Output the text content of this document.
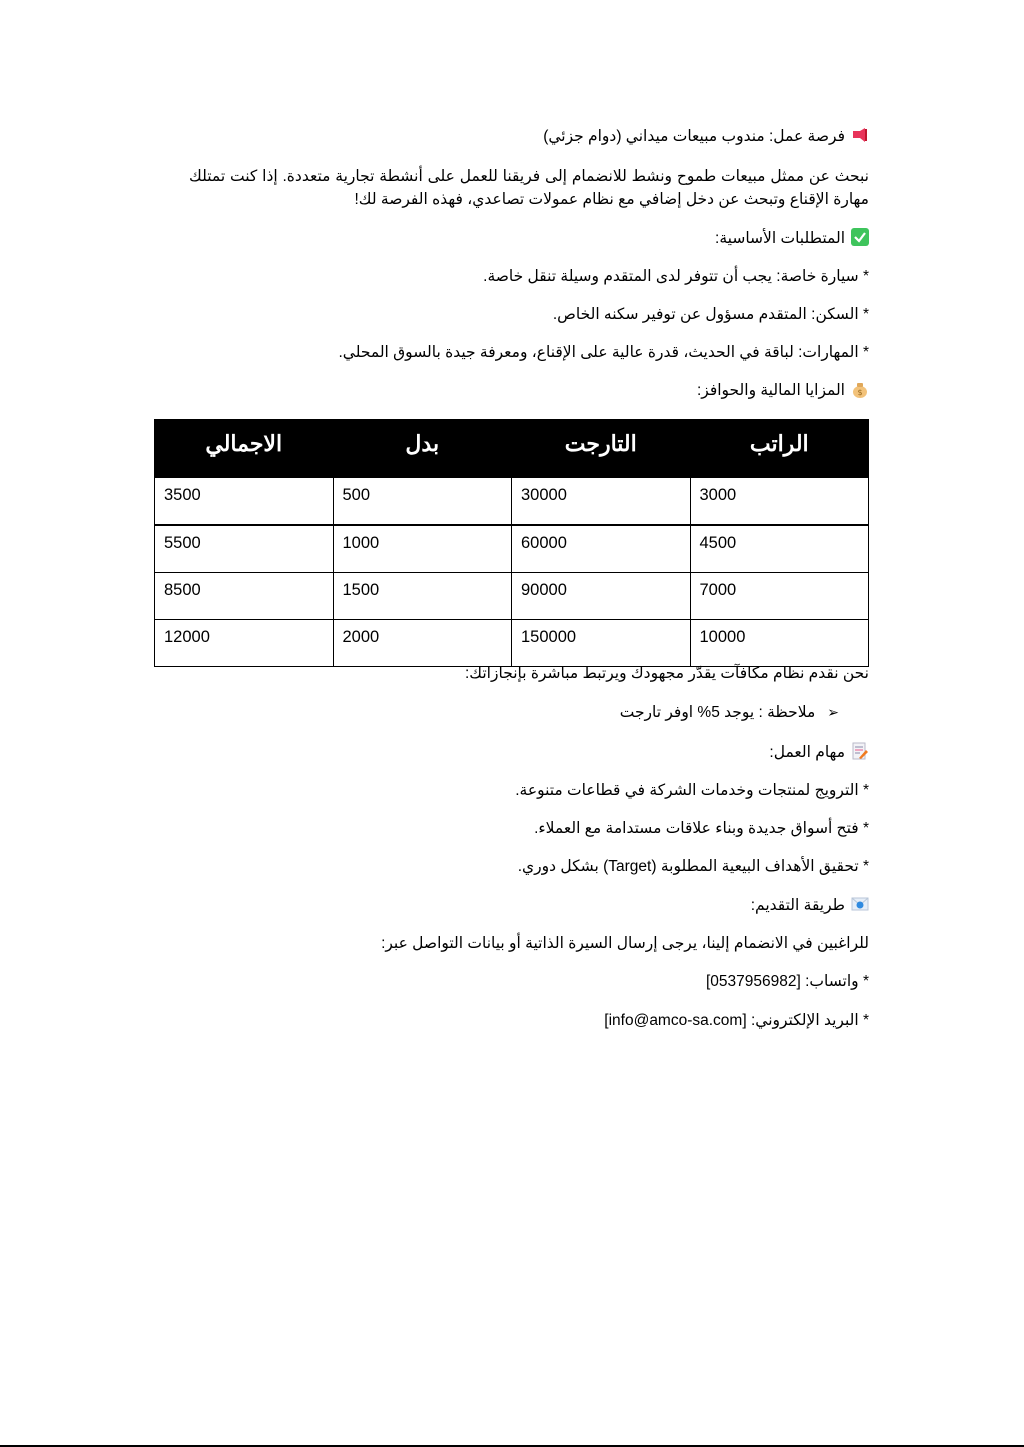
فرصة عمل: مندوب مبيعات ميداني (دوام جزئي)
نبحث عن ممثل مبيعات طموح ونشط للانضمام إلى فريقنا للعمل على أنشطة تجارية متعددة. إذا كنت تمتلك مهارة الإقناع وتبحث عن دخل إضافي مع نظام عمولات تصاعدي، فهذه الفرصة لك!
المتطلبات الأساسية:
* سيارة خاصة: يجب أن تتوفر لدى المتقدم وسيلة تنقل خاصة.
* السكن: المتقدم مسؤول عن توفير سكنه الخاص.
* المهارات: لباقة في الحديث، قدرة عالية على الإقناع، ومعرفة جيدة بالسوق المحلي.
$
المزايا المالية والحوافز:
الراتب	التارجت	بدل	الاجمالي
3000	30000	500	3500
4500	60000	1000	5500
7000	90000	1500	8500
10000	150000	2000	12000
نحن نقدم نظام مكافآت يقدّر مجهودك ويرتبط مباشرة بإنجازاتك:
➢ملاحظة : يوجد 5% اوفر تارجت
مهام العمل:
* الترويج لمنتجات وخدمات الشركة في قطاعات متنوعة.
* فتح أسواق جديدة وبناء علاقات مستدامة مع العملاء.
* تحقيق الأهداف البيعية المطلوبة (Target) بشكل دوري.
طريقة التقديم:
للراغبين في الانضمام إلينا، يرجى إرسال السيرة الذاتية أو بيانات التواصل عبر:
* واتساب: [0537956982]
* البريد الإلكتروني: [info@amco-sa.com]
